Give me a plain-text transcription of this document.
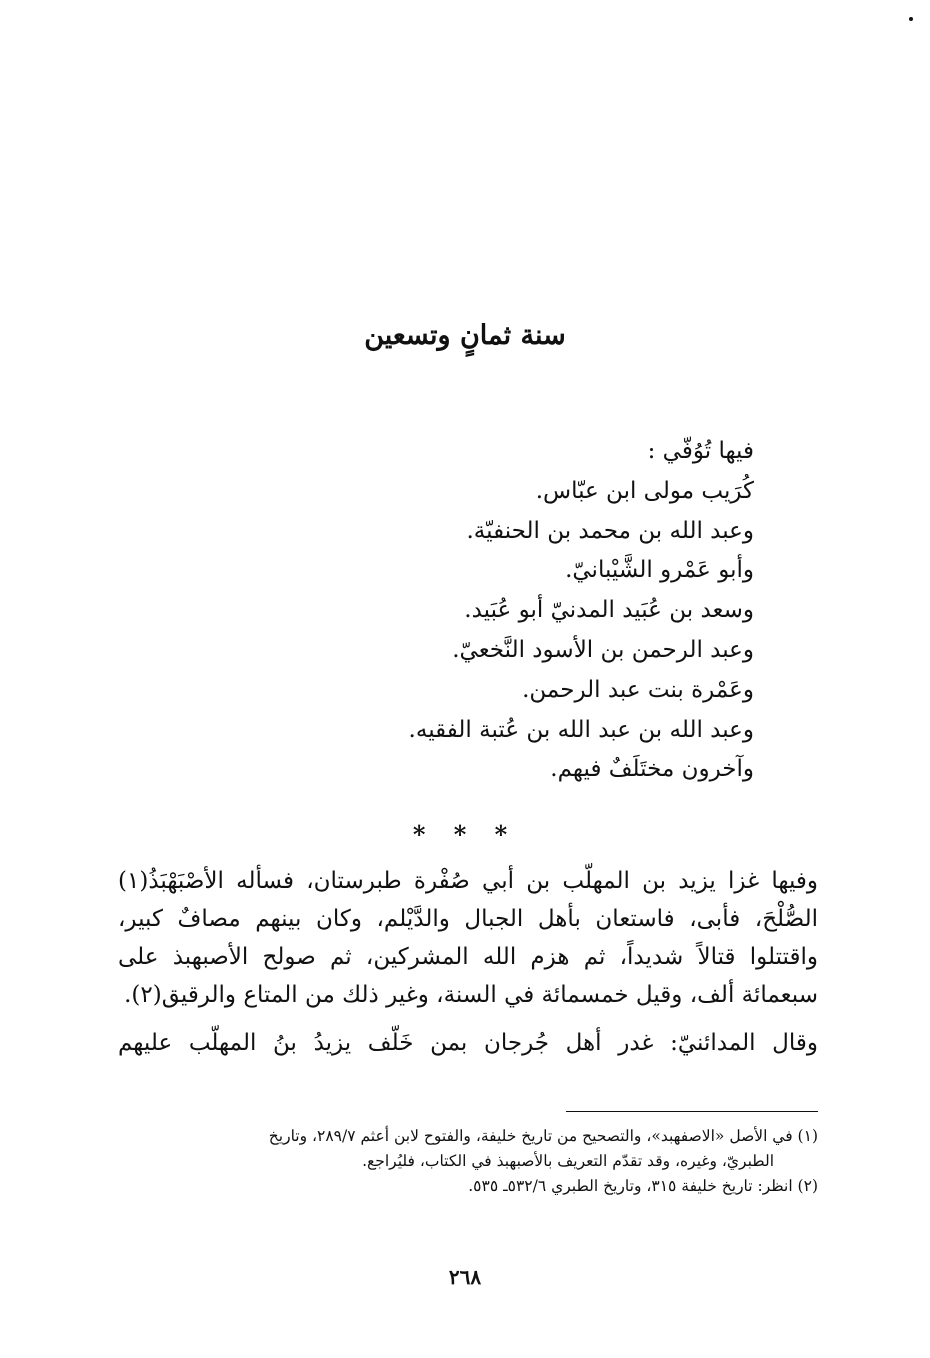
سنة ثمانٍ وتسعين
فيها تُوُفّي :
كُرَيب مولى ابن عبّاس.
وعبد الله بن محمد بن الحنفيّة.
وأبو عَمْرو الشَّيْبانيّ.
وسعد بن عُبَيد المدنيّ أبو عُبَيد.
وعبد الرحمن بن الأسود النَّخعيّ.
وعَمْرة بنت عبد الرحمن.
وعبد الله بن عبد الله بن عُتبة الفقيه.
وآخرون مختَلَفٌ فيهم.
* * *
وفيها غزا يزيد بن المهلّب بن أبي صُفْرة طبرستان، فسأله الأصْبَهْبَذُ(١)
الصُّلْحَ، فأبى، فاستعان بأهل الجبال والدَّيْلم، وكان بينهم مصافٌ كبير،
واقتتلوا قتالاً شديداً، ثم هزم الله المشركين، ثم صولح الأصبهبذ على
سبعمائة ألف، وقيل خمسمائة في السنة، وغير ذلك من المتاع والرقيق(٢).
وقال المدائنيّ: غدر أهل جُرجان بمن خَلّف يزيدُ بنُ المهلّب عليهم
(١) في الأصل «الاصفهبد»، والتصحيح من تاريخ خليفة، والفتوح لابن أعثم ٢٨٩/٧، وتاريخ
الطبريّ، وغيره، وقد تقدّم التعريف بالأصبهبذ في الكتاب، فليُراجع.
(٢) انظر: تاريخ خليفة ٣١٥، وتاريخ الطبري ٥٣٢/٦ـ ٥٣٥.
٢٦٨
